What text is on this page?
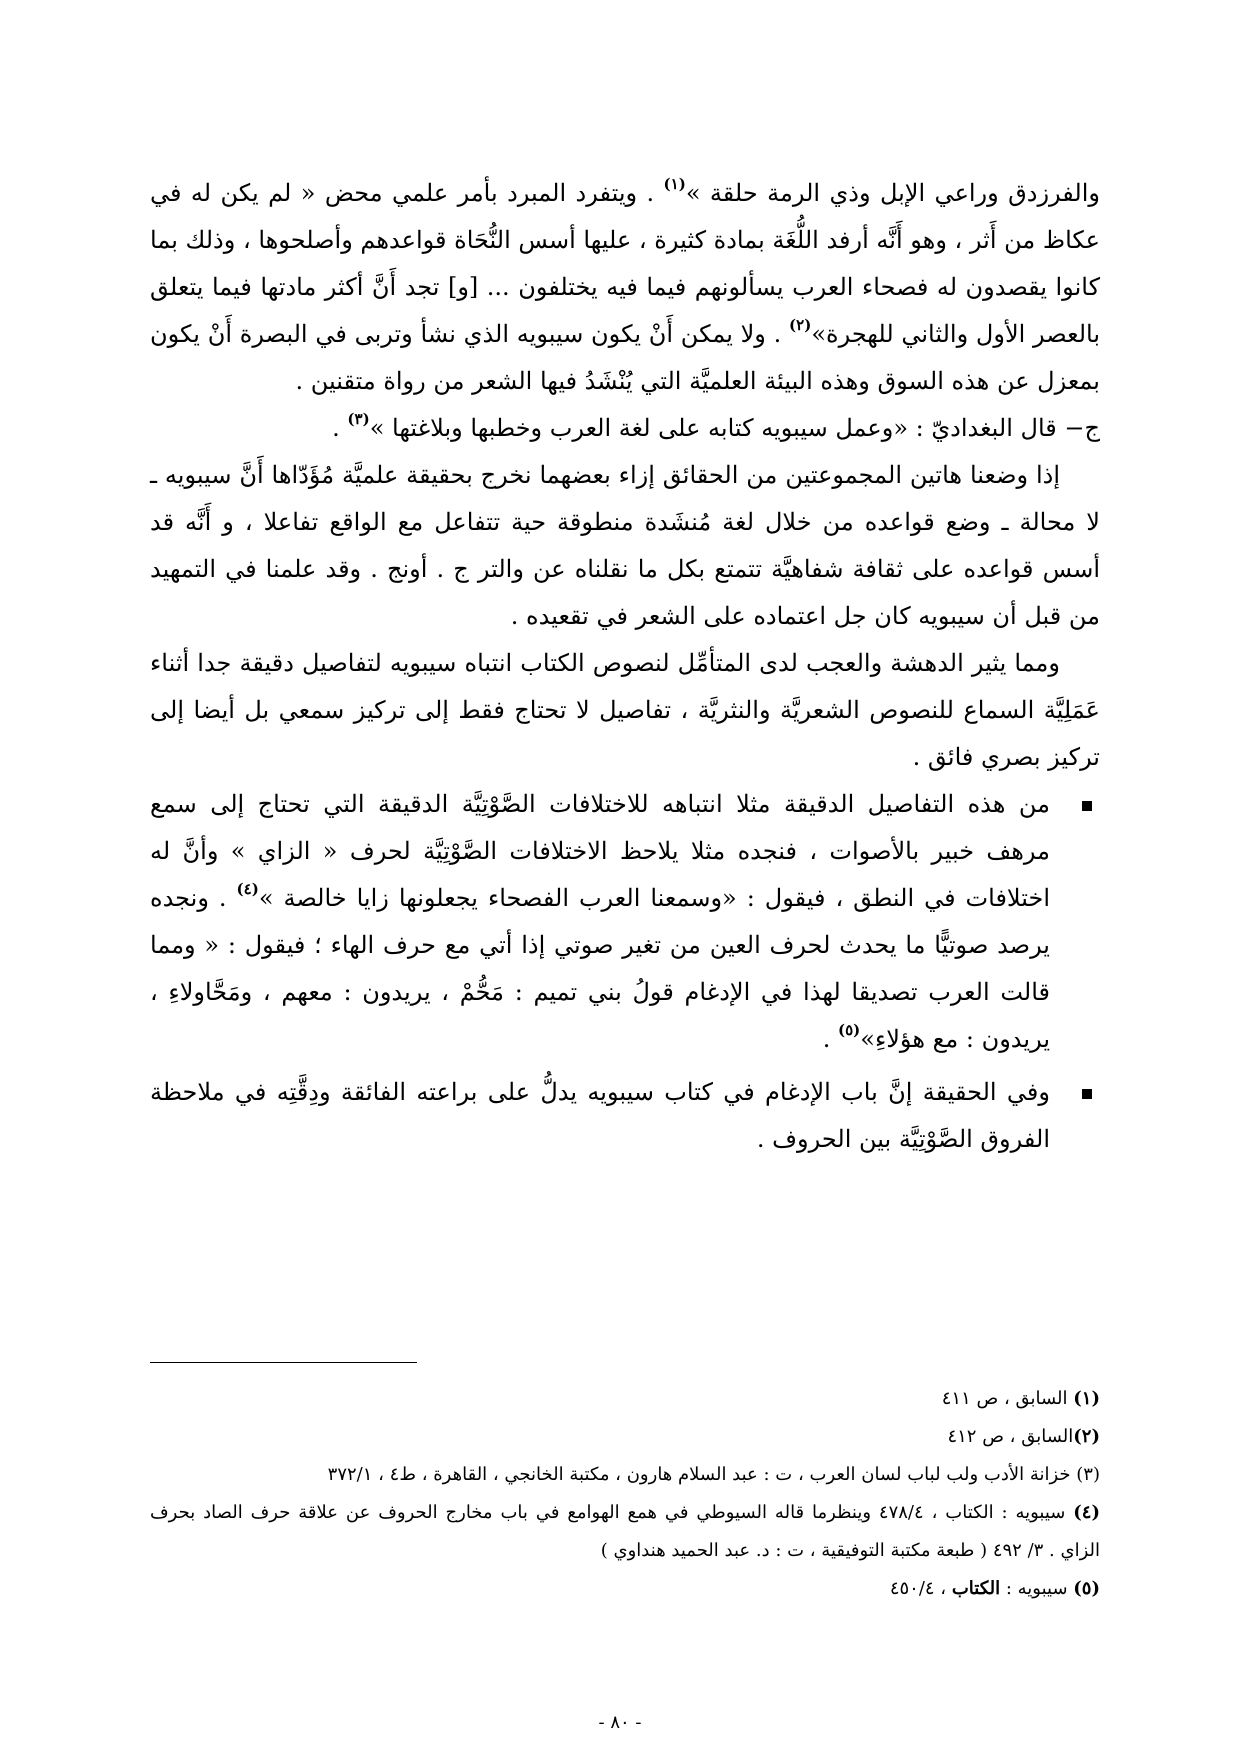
والفرزدق وراعي الإبل وذي الرمة حلقة »$^{(١)}$ . ويتفرد المبرد بأمر علمي محض « لم يكن له في عكاظ من أَثر ، وهو أَنَّه أرفد اللُّغَة بمادة كثيرة ، عليها أسس النُّحَاة قواعدهم وأصلحوها ، وذلك بما كانوا يقصدون له فصحاء العرب يسألونهم فيما فيه يختلفون ... [و] تجد أَنَّ أكثر مادتها فيما يتعلق بالعصر الأول والثاني للهجرة»$^{(٢)}$ . ولا يمكن أَنْ يكون سيبويه الذي نشأ وتربى في البصرة أَنْ يكون بمعزل عن هذه السوق وهذه البيئة العلميَّة التي يُنْشَدُ فيها الشعر من رواة متقنين .

ج− قال البغداديّ : «وعمل سيبويه كتابه على لغة العرب وخطبها وبلاغتها »$^{(٣)}$ .

إذا وضعنا هاتين المجموعتين من الحقائق إزاء بعضهما نخرج بحقيقة علميَّة مُؤَدّاها أَنَّ سيبويه ـ لا محالة ـ وضع قواعده من خلال لغة مُنشَدة منطوقة حية تتفاعل مع الواقع تفاعلا ، و أَنَّه قد أسس قواعده على ثقافة شفاهيَّة تتمتع بكل ما نقلناه عن والتر ج . أونج . وقد علمنا في التمهيد من قبل أن سيبويه كان جل اعتماده على الشعر في تقعيده .

ومما يثير الدهشة والعجب لدى المتأمِّل لنصوص الكتاب انتباه سيبويه لتفاصيل دقيقة جدا أثناء عَمَلِيَّة السماع للنصوص الشعريَّة والنثريَّة ، تفاصيل لا تحتاج فقط إلى تركيز سمعي بل أيضا إلى تركيز بصري فائق .

من هذه التفاصيل الدقيقة مثلا انتباهه للاختلافات الصَّوْتِيَّة الدقيقة التي تحتاج إلى سمع مرهف خبير بالأصوات ، فنجده مثلا يلاحظ الاختلافات الصَّوْتِيَّة لحرف « الزاي » وأنَّ له اختلافات في النطق ، فيقول : «وسمعنا العرب الفصحاء يجعلونها زايا خالصة »$^{(٤)}$ . ونجده يرصد صوتيًّا ما يحدث لحرف العين من تغير صوتي إذا أتي مع حرف الهاء ؛ فيقول : « ومما قالت العرب تصديقا لهذا في الإدغام قولُ بني تميم : مَحُّمْ ، يريدون : معهم ، ومَحَّاولاءِ ، يريدون : مع هؤلاءِ»$^{(٥)}$ .

وفي الحقيقة إنَّ باب الإدغام في كتاب سيبويه يدلُّ على براعته الفائقة ودِقَّتِه في ملاحظة الفروق الصَّوْتِيَّة بين الحروف .

(١) السابق ، ص ٤١١

(٢)السابق ، ص ٤١٢

(٣) خزانة الأدب ولب لباب لسان العرب ، ت : عبد السلام هارون ، مكتبة الخانجي ، القاهرة ، ط٤ ، ٣٧٢/١

(٤) سيبويه : الكتاب ، ٤٧٨/٤ وينظرما قاله السيوطي في همع الهوامع في باب مخارج الحروف عن علاقة حرف الصاد بحرف الزاي . ٣/ ٤٩٢ ( طبعة مكتبة التوفيقية ، ت : د. عبد الحميد هنداوي )

(٥) سيبويه : الكتاب ، ٤٥٠/٤

- ٨٠ -
